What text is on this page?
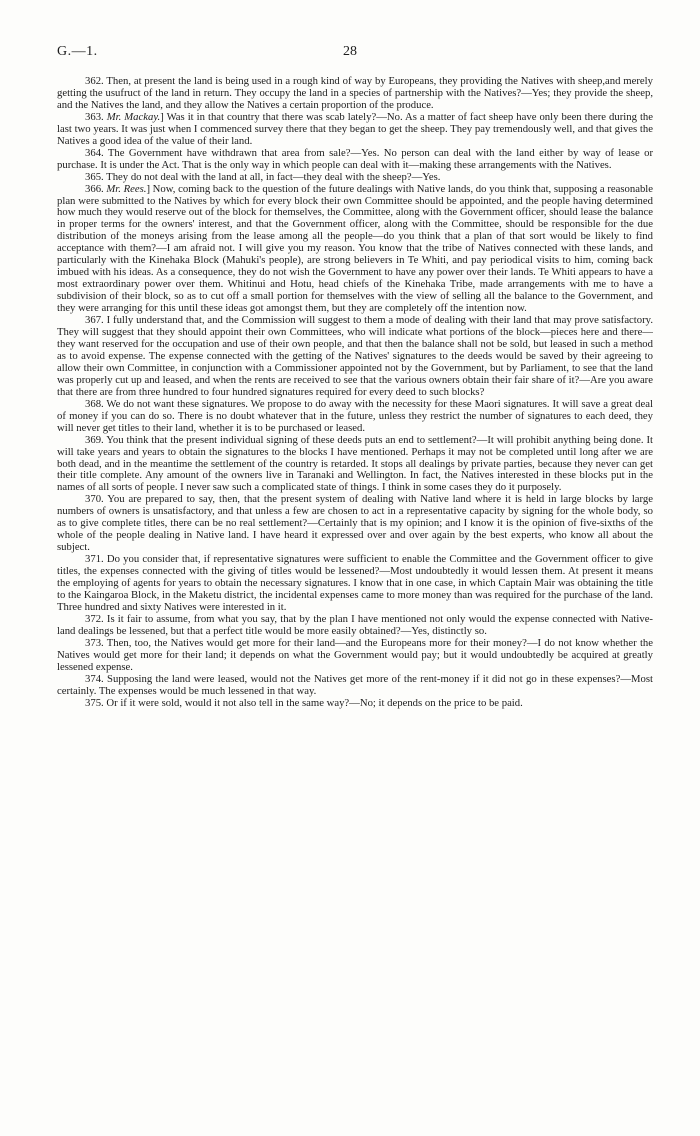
G.—1.	28

362. Then, at present the land is being used in a rough kind of way by Europeans, they providing the Natives with sheep,and merely getting the usufruct of the land in return. They occupy the land in a species of partnership with the Natives?—Yes; they provide the sheep, and the Natives the land, and they allow the Natives a certain proportion of the produce.

363. Mr. Mackay.] Was it in that country that there was scab lately?—No. As a matter of fact sheep have only been there during the last two years. It was just when I commenced survey there that they began to get the sheep. They pay tremendously well, and that gives the Natives a good idea of the value of their land.

364. The Government have withdrawn that area from sale?—Yes. No person can deal with the land either by way of lease or purchase. It is under the Act. That is the only way in which people can deal with it—making these arrangements with the Natives.

365. They do not deal with the land at all, in fact—they deal with the sheep?—Yes.

366. Mr. Rees.] Now, coming back to the question of the future dealings with Native lands, do you think that, supposing a reasonable plan were submitted to the Natives by which for every block their own Committee should be appointed, and the people having determined how much they would reserve out of the block for themselves, the Committee, along with the Government officer, should lease the balance in proper terms for the owners' interest, and that the Government officer, along with the Committee, should be responsible for the due distribution of the moneys arising from the lease among all the people—do you think that a plan of that sort would be likely to find acceptance with them?—I am afraid not. I will give you my reason. You know that the tribe of Natives connected with these lands, and particularly with the Kinehaka Block (Mahuki's people), are strong believers in Te Whiti, and pay periodical visits to him, coming back imbued with his ideas. As a consequence, they do not wish the Government to have any power over their lands. Te Whiti appears to have a most extraordinary power over them. Whitinui and Hotu, head chiefs of the Kinehaka Tribe, made arrangements with me to have a subdivision of their block, so as to cut off a small portion for themselves with the view of selling all the balance to the Government, and they were arranging for this until these ideas got amongst them, but they are completely off the intention now.

367. I fully understand that, and the Commission will suggest to them a mode of dealing with their land that may prove satisfactory. They will suggest that they should appoint their own Committees, who will indicate what portions of the block—pieces here and there—they want reserved for the occupation and use of their own people, and that then the balance shall not be sold, but leased in such a method as to avoid expense. The expense connected with the getting of the Natives' signatures to the deeds would be saved by their agreeing to allow their own Committee, in conjunction with a Commissioner appointed not by the Government, but by Parliament, to see that the land was properly cut up and leased, and when the rents are received to see that the various owners obtain their fair share of it?—Are you aware that there are from three hundred to four hundred signatures required for every deed to such blocks?

368. We do not want these signatures. We propose to do away with the necessity for these Maori signatures. It will save a great deal of money if you can do so. There is no doubt whatever that in the future, unless they restrict the number of signatures to each deed, they will never get titles to their land, whether it is to be purchased or leased.

369. You think that the present individual signing of these deeds puts an end to settlement?—It will prohibit anything being done. It will take years and years to obtain the signatures to the blocks I have mentioned. Perhaps it may not be completed until long after we are both dead, and in the meantime the settlement of the country is retarded. It stops all dealings by private parties, because they never can get their title complete. Any amount of the owners live in Taranaki and Wellington. In fact, the Natives interested in these blocks put in the names of all sorts of people. I never saw such a complicated state of things. I think in some cases they do it purposely.

370. You are prepared to say, then, that the present system of dealing with Native land where it is held in large blocks by large numbers of owners is unsatisfactory, and that unless a few are chosen to act in a representative capacity by signing for the whole body, so as to give complete titles, there can be no real settlement?—Certainly that is my opinion; and I know it is the opinion of five-sixths of the whole of the people dealing in Native land. I have heard it expressed over and over again by the best experts, who know all about the subject.

371. Do you consider that, if representative signatures were sufficient to enable the Committee and the Government officer to give titles, the expenses connected with the giving of titles would be lessened?—Most undoubtedly it would lessen them. At present it means the employing of agents for years to obtain the necessary signatures. I know that in one case, in which Captain Mair was obtaining the title to the Kaingaroa Block, in the Maketu district, the incidental expenses came to more money than was required for the purchase of the land. Three hundred and sixty Natives were interested in it.

372. Is it fair to assume, from what you say, that by the plan I have mentioned not only would the expense connected with Native-land dealings be lessened, but that a perfect title would be more easily obtained?—Yes, distinctly so.

373. Then, too, the Natives would get more for their land—and the Europeans more for their money?—I do not know whether the Natives would get more for their land; it depends on what the Government would pay; but it would undoubtedly be acquired at greatly lessened expense.

374. Supposing the land were leased, would not the Natives get more of the rent-money if it did not go in these expenses?—Most certainly. The expenses would be much lessened in that way.

375. Or if it were sold, would it not also tell in the same way?—No; it depends on the price to be paid.
